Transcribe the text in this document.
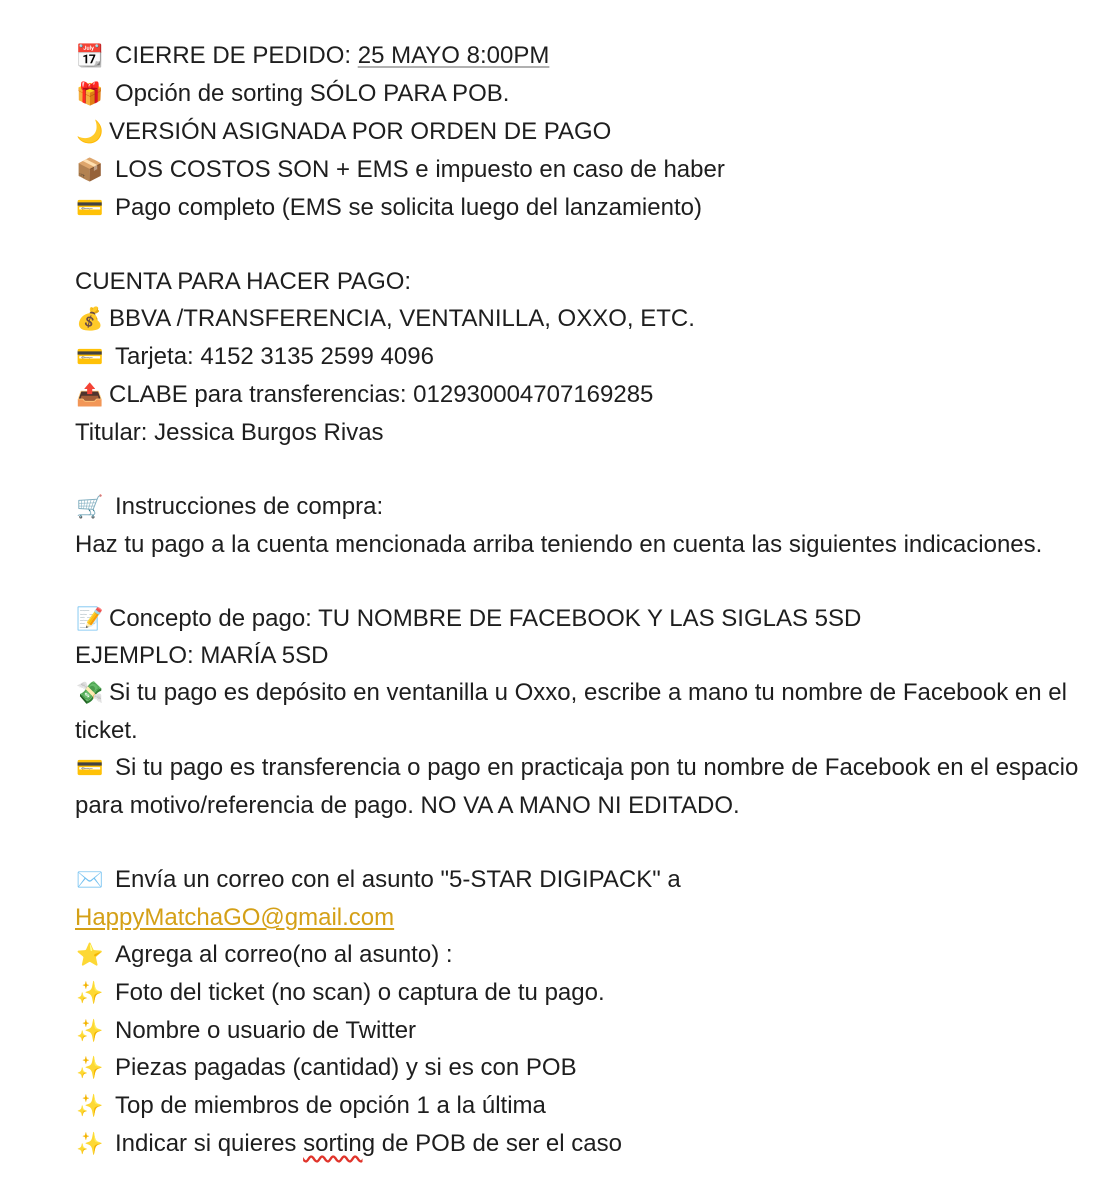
📆 CIERRE DE PEDIDO: 25 MAYO 8:00PM
🎁 Opción de sorting SÓLO PARA POB.
🌙 VERSIÓN ASIGNADA POR ORDEN DE PAGO
📦 LOS COSTOS SON + EMS e impuesto en caso de haber
💳 Pago completo (EMS se solicita luego del lanzamiento)
CUENTA PARA HACER PAGO:
💰 BBVA /TRANSFERENCIA, VENTANILLA, OXXO, ETC.
💳 Tarjeta: 4152 3135 2599 4096
📤 CLABE para transferencias: 012930004707169285
Titular: Jessica Burgos Rivas
🛒 Instrucciones de compra:
Haz tu pago a la cuenta mencionada arriba teniendo en cuenta las siguientes indicaciones.
📝 Concepto de pago: TU NOMBRE DE FACEBOOK Y LAS SIGLAS 5SD
EJEMPLO: MARÍA 5SD
💸 Si tu pago es depósito en ventanilla u Oxxo, escribe a mano tu nombre de Facebook en el ticket.
💳 Si tu pago es transferencia o pago en practicaja pon tu nombre de Facebook en el espacio para motivo/referencia de pago. NO VA A MANO NI EDITADO.
✉️ Envía un correo con el asunto "5-STAR DIGIPACK" a
HappyMatchaGO@gmail.com
⭐ Agrega al correo(no al asunto) :
✨ Foto del ticket (no scan) o captura de tu pago.
✨ Nombre o usuario de Twitter
✨ Piezas pagadas (cantidad) y si es con POB
✨ Top de miembros de opción 1 a la última
✨ Indicar si quieres sorting de POB de ser el caso
